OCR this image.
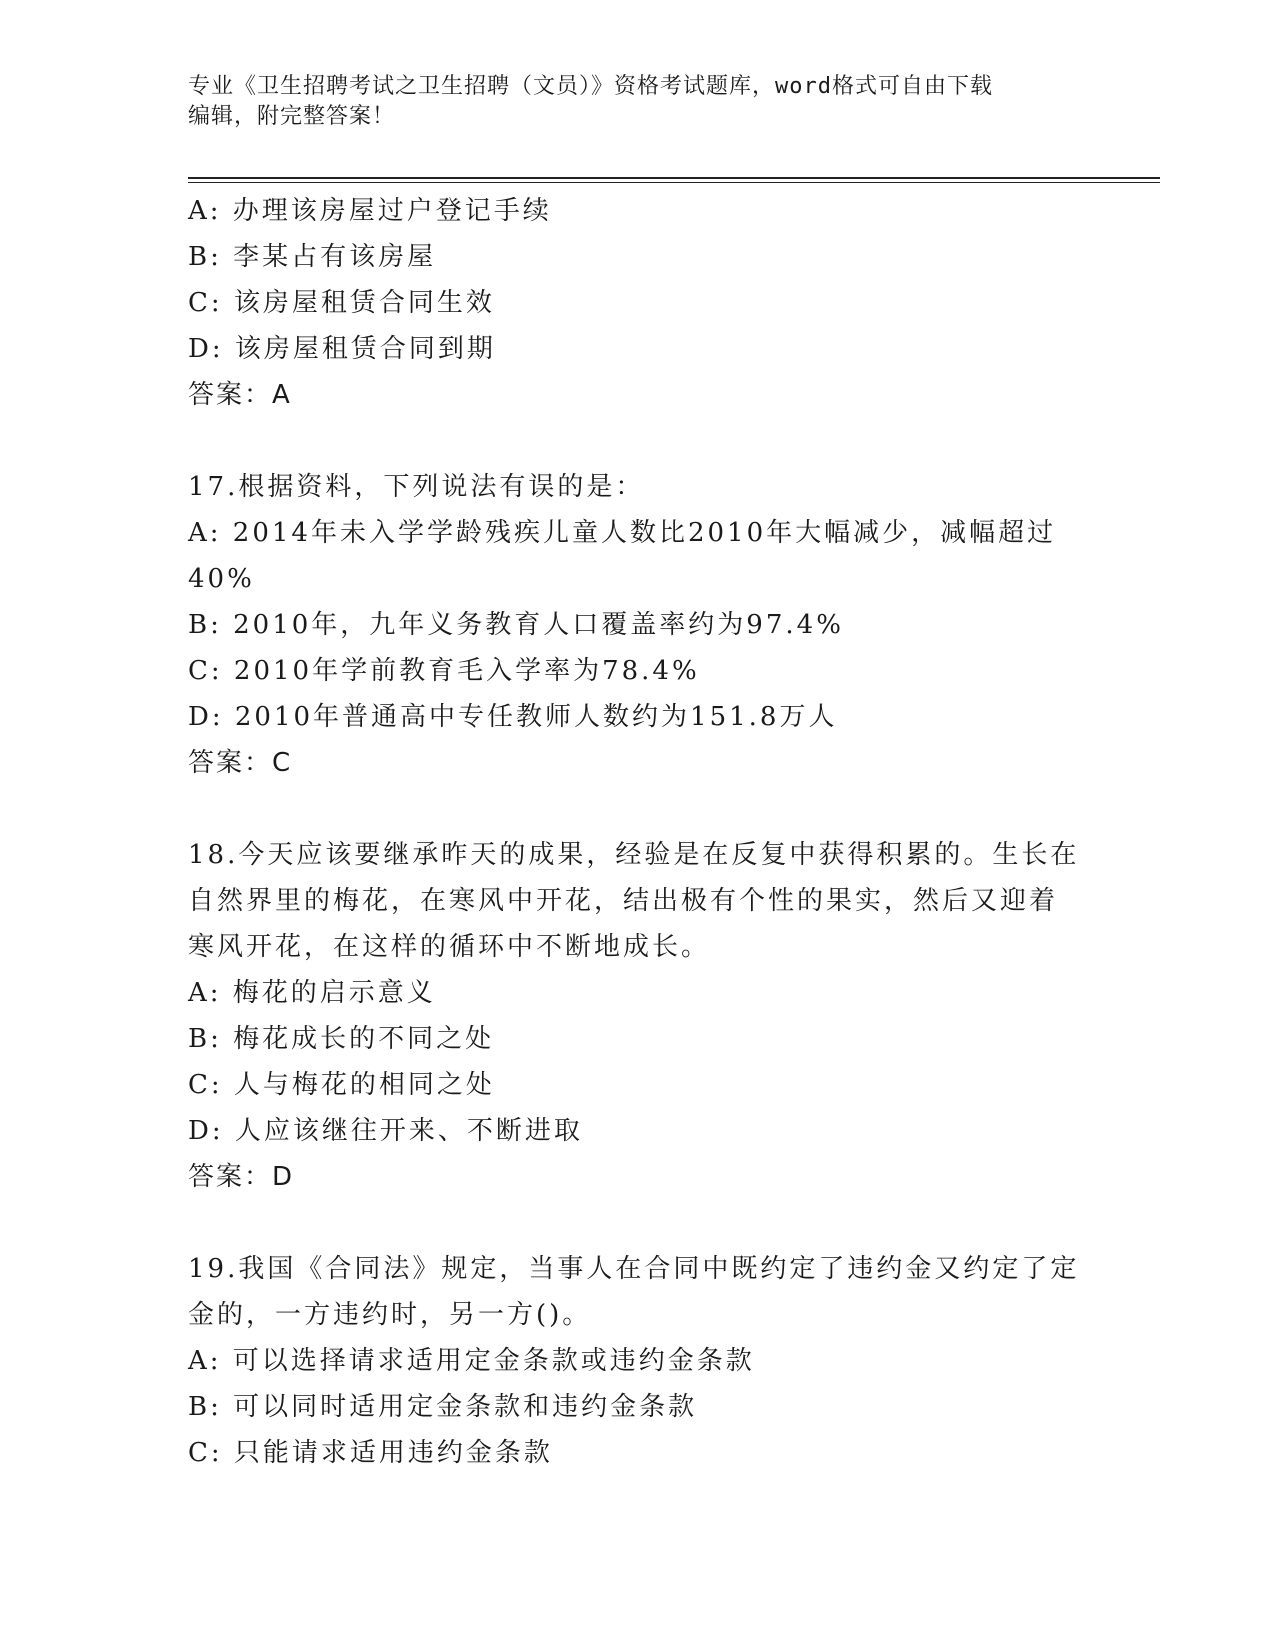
专业《卫生招聘考试之卫生招聘（文员）》资格考试题库，word格式可自由下载
编辑，附完整答案！
A: 办理该房屋过户登记手续
B: 李某占有该房屋
C: 该房屋租赁合同生效
D: 该房屋租赁合同到期
答案：A
17.根据资料，下列说法有误的是：
A: 2014年未入学学龄残疾儿童人数比2010年大幅减少，减幅超过
40%
B: 2010年，九年义务教育人口覆盖率约为97.4%
C: 2010年学前教育毛入学率为78.4%
D: 2010年普通高中专任教师人数约为151.8万人
答案：C
18.今天应该要继承昨天的成果，经验是在反复中获得积累的。生长在
自然界里的梅花，在寒风中开花，结出极有个性的果实，然后又迎着
寒风开花，在这样的循环中不断地成长。
A: 梅花的启示意义
B: 梅花成长的不同之处
C: 人与梅花的相同之处
D: 人应该继往开来、不断进取
答案：D
19.我国《合同法》规定，当事人在合同中既约定了违约金又约定了定
金的，一方违约时，另一方()。
A: 可以选择请求适用定金条款或违约金条款
B: 可以同时适用定金条款和违约金条款
C: 只能请求适用违约金条款
